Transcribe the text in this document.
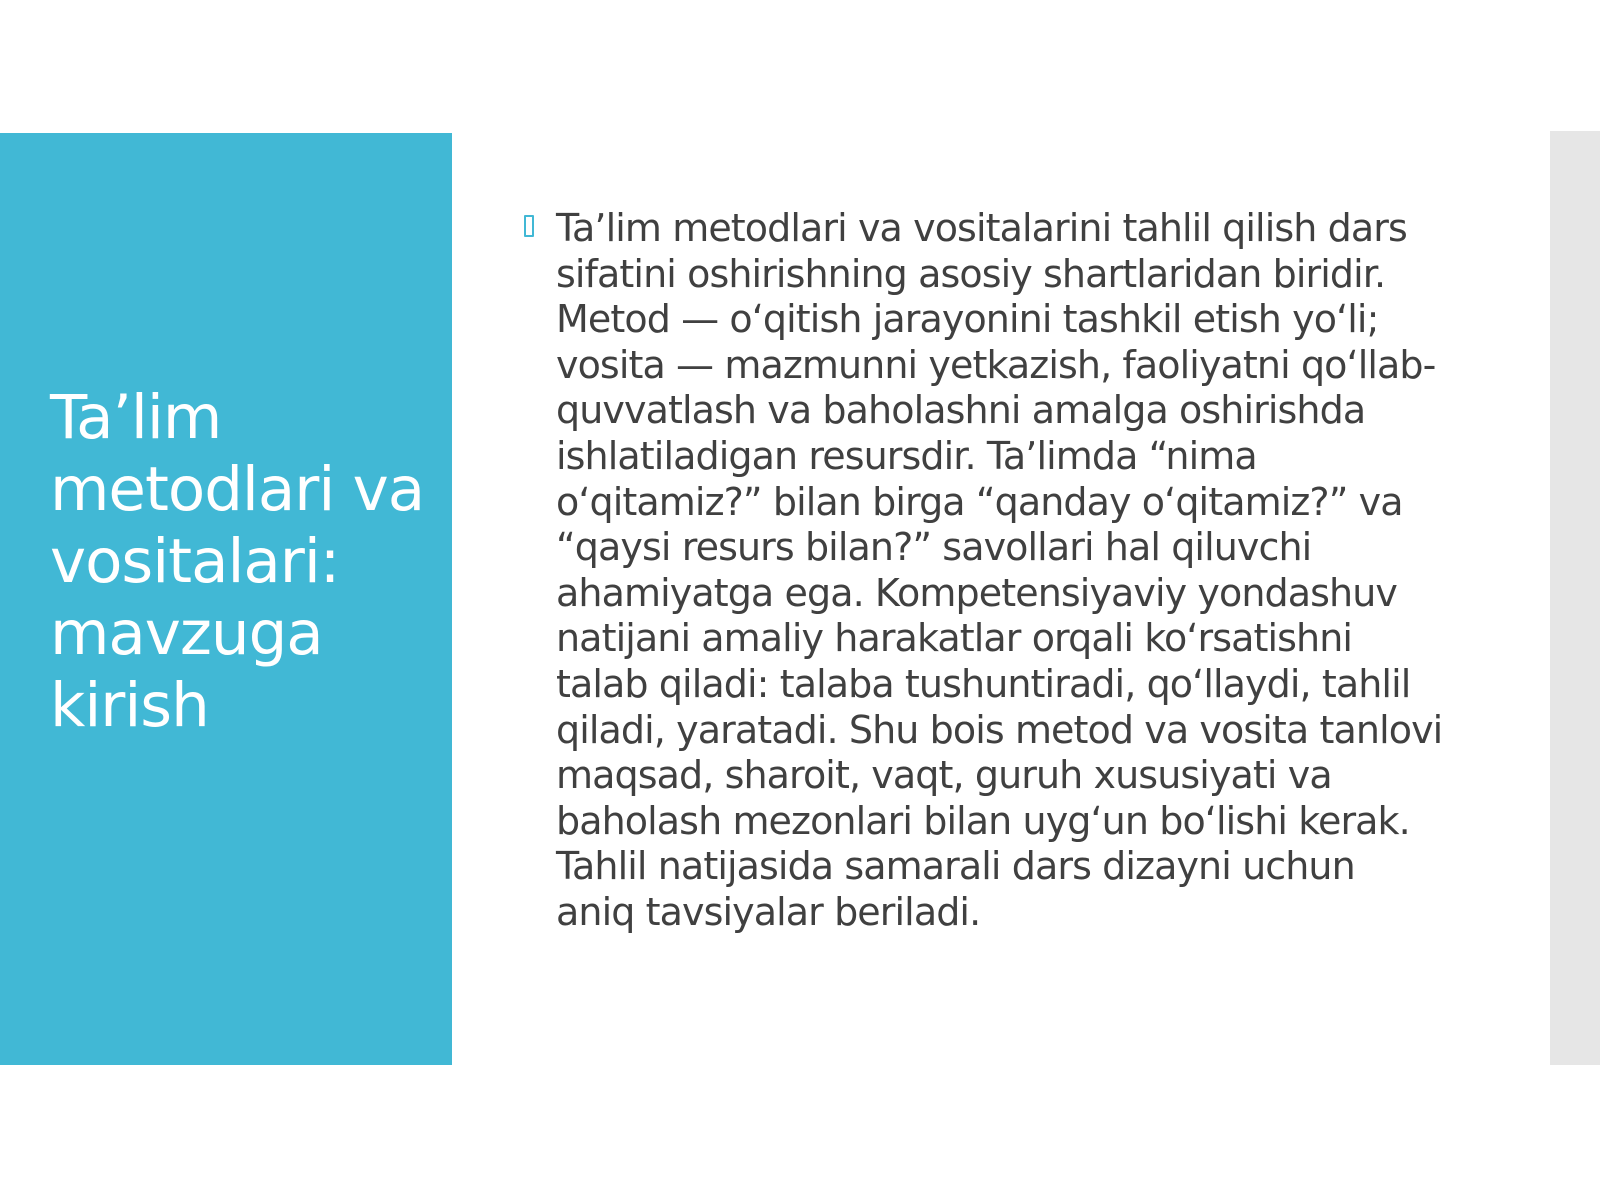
Ta’lim metodlari va vositalari: mavzuga kirish

Ta’lim metodlari va vositalarini tahlil qilish dars sifatini oshirishning asosiy shartlaridan biridir. Metod — o‘qitish jarayonini tashkil etish yo‘li; vosita — mazmunni yetkazish, faoliyatni qo‘llab-quvvatlash va baholashni amalga oshirishda ishlatiladigan resursdir. Ta’limda “nima o‘qitamiz?” bilan birga “qanday o‘qitamiz?” va “qaysi resurs bilan?” savollari hal qiluvchi ahamiyatga ega. Kompetensiyaviy yondashuv natijani amaliy harakatlar orqali ko‘rsatishni talab qiladi: talaba tushuntiradi, qo‘llaydi, tahlil qiladi, yaratadi. Shu bois metod va vosita tanlovi maqsad, sharoit, vaqt, guruh xususiyati va baholash mezonlari bilan uyg‘un bo‘lishi kerak. Tahlil natijasida samarali dars dizayni uchun aniq tavsiyalar beriladi.
